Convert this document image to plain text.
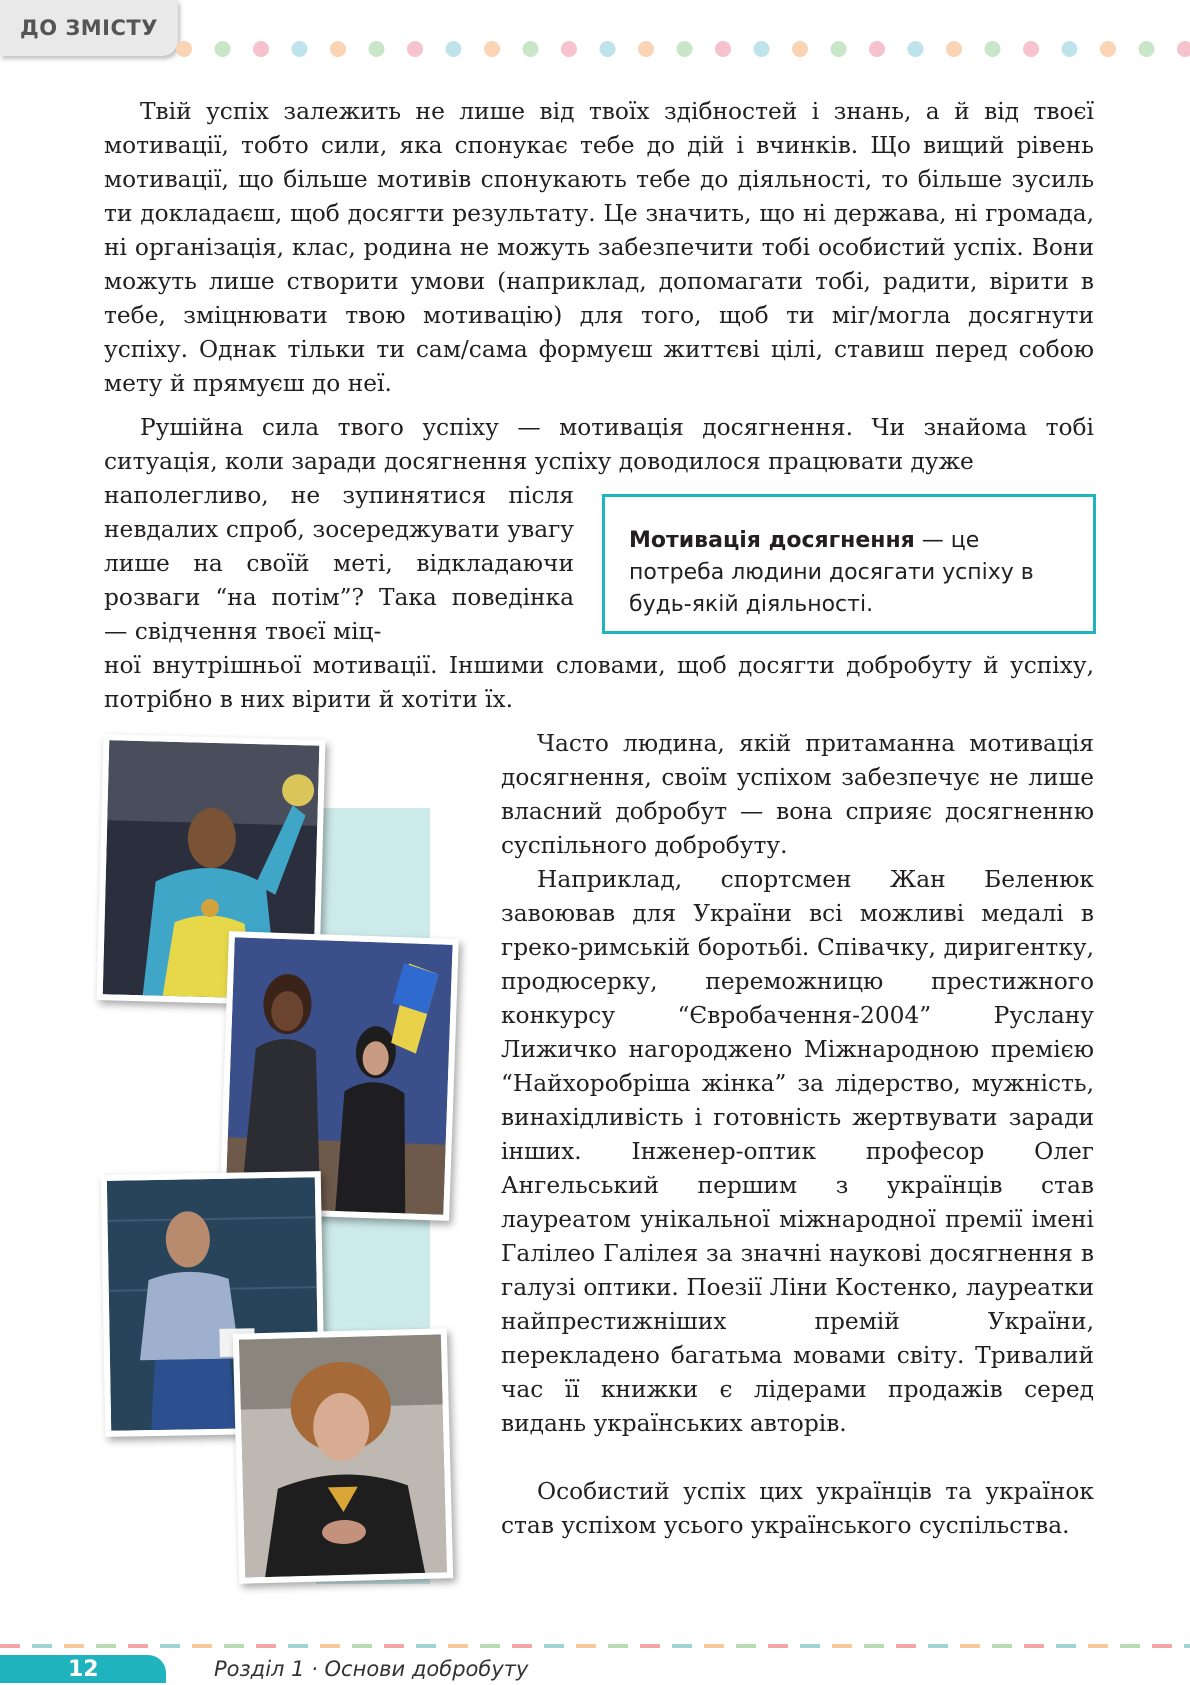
ДО ЗМІСТУ

Твій успіх залежить не лише від твоїх здібностей і знань, а й від твоєї мотивації, тобто сили, яка спонукає тебе до дій і вчинків. Що вищий рівень мотивації, що більше мотивів спонукають тебе до діяльності, то більше зусиль ти докладаєш, щоб досягти результату. Це значить, що ні держава, ні громада, ні організація, клас, родина не можуть забезпечити тобі особистий успіх. Вони можуть лише створити умови (наприклад, допомагати тобі, радити, вірити в тебе, зміцнювати твою мотивацію) для того, щоб ти міг/могла досягнути успіху. Однак тільки ти сам/сама формуєш життєві цілі, ставиш перед собою мету й прямуєш до неї.

Рушійна сила твого успіху — мотивація досягнення. Чи знайома тобі ситуація, коли заради досягнення успіху доводилося працювати дуже

наполегливо, не зупинятися після невдалих спроб, зосереджувати увагу лише на своїй меті, відкладаючи розваги “на потім”? Така поведінка — свідчення твоєї міц-

ної внутрішньої мотивації. Іншими словами, щоб досягти добробуту й успіху, потрібно в них вірити й хотіти їх.

Мотивація досягнення — це потреба людини досягати успіху в будь-якій діяльності.

Часто людина, якій притаманна мотивація досягнення, своїм успіхом забезпечує не лише власний добробут — вона сприяє досягненню суспільного добробуту.

Наприклад, спортсмен Жан Беленюк завоював для України всі можливі медалі в греко-римській боротьбі. Співачку, диригентку, продюсерку, переможницю престижного конкурсу “Євробачення-2004” Руслану Лижичко нагороджено Міжнародною премією “Найхоробріша жінка” за лідерство, мужність, винахідливість і готовність жертвувати заради інших. Інженер-оптик професор Олег Ангельський першим з українців став лауреатом унікальної міжнародної премії імені Галілео Галілея за значні наукові досягнення в галузі оптики. Поезії Ліни Костенко, лауреатки найпрестижніших премій України, перекладено багатьма мовами світу. Тривалий час її книжки є лідерами продажів серед видань українських авторів.

Особистий успіх цих українців та українок став успіхом усього українського суспільства.

12	Розділ 1 · Основи добробуту
